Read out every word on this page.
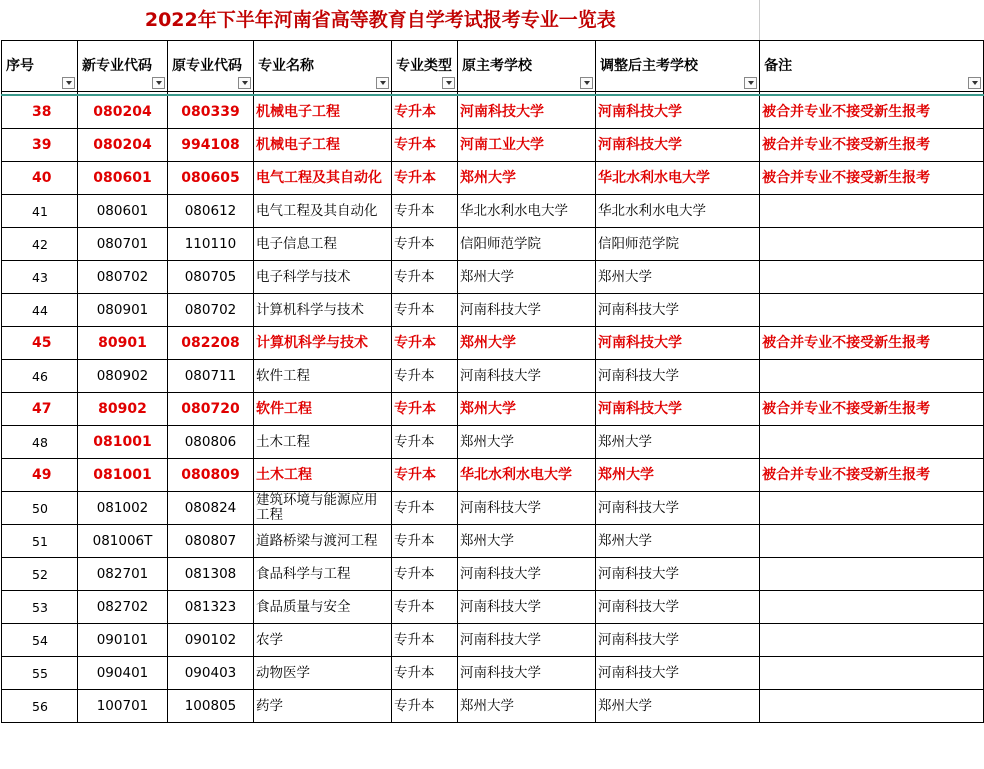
2022年下半年河南省高等教育自学考试报考专业一览表							

序号	新专业代码	原专业代码	专业名称	专业类型	原主考学校	调整后主考学校	备注

38	080204	080339	机械电子工程	专升本	河南科技大学	河南科技大学	被合并专业不接受新生报考
39	080204	994108	机械电子工程	专升本	河南工业大学	河南科技大学	被合并专业不接受新生报考
40	080601	080605	电气工程及其自动化	专升本	郑州大学	华北水利水电大学	被合并专业不接受新生报考
41	080601	080612	电气工程及其自动化	专升本	华北水利水电大学	华北水利水电大学	
42	080701	110110	电子信息工程	专升本	信阳师范学院	信阳师范学院	
43	080702	080705	电子科学与技术	专升本	郑州大学	郑州大学	
44	080901	080702	计算机科学与技术	专升本	河南科技大学	河南科技大学	
45	80901	082208	计算机科学与技术	专升本	郑州大学	河南科技大学	被合并专业不接受新生报考
46	080902	080711	软件工程	专升本	河南科技大学	河南科技大学	
47	80902	080720	软件工程	专升本	郑州大学	河南科技大学	被合并专业不接受新生报考
48	081001	080806	土木工程	专升本	郑州大学	郑州大学	
49	081001	080809	土木工程	专升本	华北水利水电大学	郑州大学	被合并专业不接受新生报考
50	081002	080824	建筑环境与能源应用工程	专升本	河南科技大学	河南科技大学	
51	081006T	080807	道路桥梁与渡河工程	专升本	郑州大学	郑州大学	
52	082701	081308	食品科学与工程	专升本	河南科技大学	河南科技大学	
53	082702	081323	食品质量与安全	专升本	河南科技大学	河南科技大学	
54	090101	090102	农学	专升本	河南科技大学	河南科技大学	
55	090401	090403	动物医学	专升本	河南科技大学	河南科技大学	
56	100701	100805	药学	专升本	郑州大学	郑州大学	
